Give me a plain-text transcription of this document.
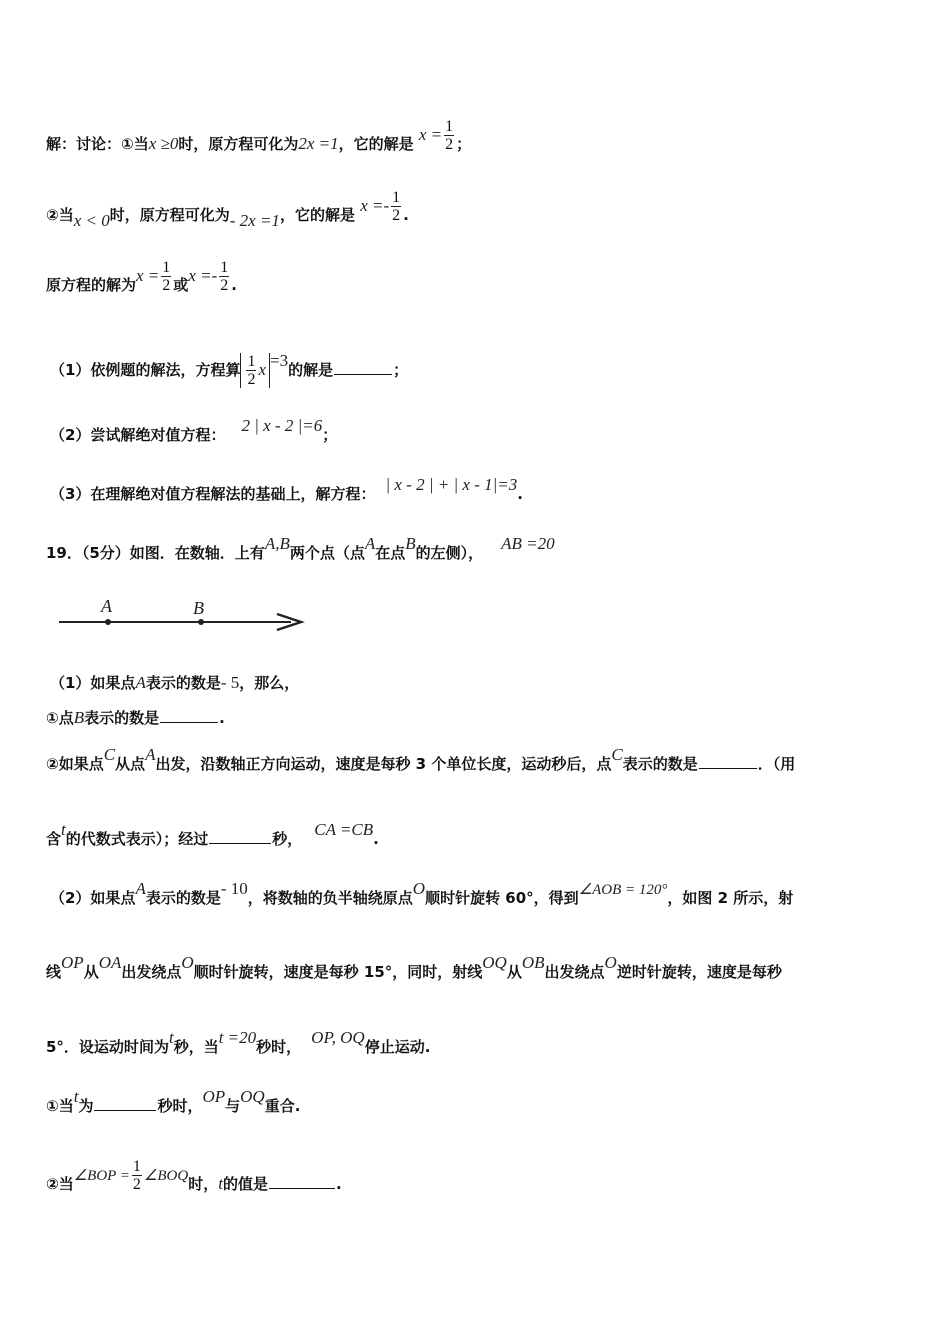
解：讨论：①当x ≥0时，原方程可化为2x =1，它的解是 $x = \frac{1}{2}$ ；
②当x < 0时，原方程可化为- 2x =1，它的解是 $x =- \frac{1}{2}$ .
原方程的解为$x = \frac{1}{2}$ 或$x =- \frac{1}{2}$ .
（1）依例题的解法，方程算 $\frac{1}{2}$ x =3的解是	；
（2）尝试解绝对值方程： 2 | x - 2 |=6；
（3）在理解绝对值方程解法的基础上，解方程： | x - 2 | + | x - 1|=3.
19．（5分）如图．在数轴．上有A,B两个点（点A在点B的左侧）， AB =20
A	B
（1）如果点A表示的数是- 5，那么，
①点B表示的数是	.
②如果点C从点A出发，沿数轴正方向运动，速度是每秒 3 个单位长度，运动秒后，点C表示的数是	．（用
含t的代数式表示）；经过	秒， CA =CB.
（2）如果点A表示的数是- 10，将数轴的负半轴绕原点O顺时针旋转 60°，得到∠AOB = 120°，如图 2 所示，射
线OP从OA出发绕点O顺时针旋转，速度是每秒 15°，同时，射线OQ从OB出发绕点O逆时针旋转，速度是每秒
5°．设运动时间为t秒，当t =20秒时， OP, OQ停止运动.
①当t为	秒时，OP与OQ重合.
②当∠BOP = $\frac{1}{2}$ ∠BOQ时，t的值是	.
